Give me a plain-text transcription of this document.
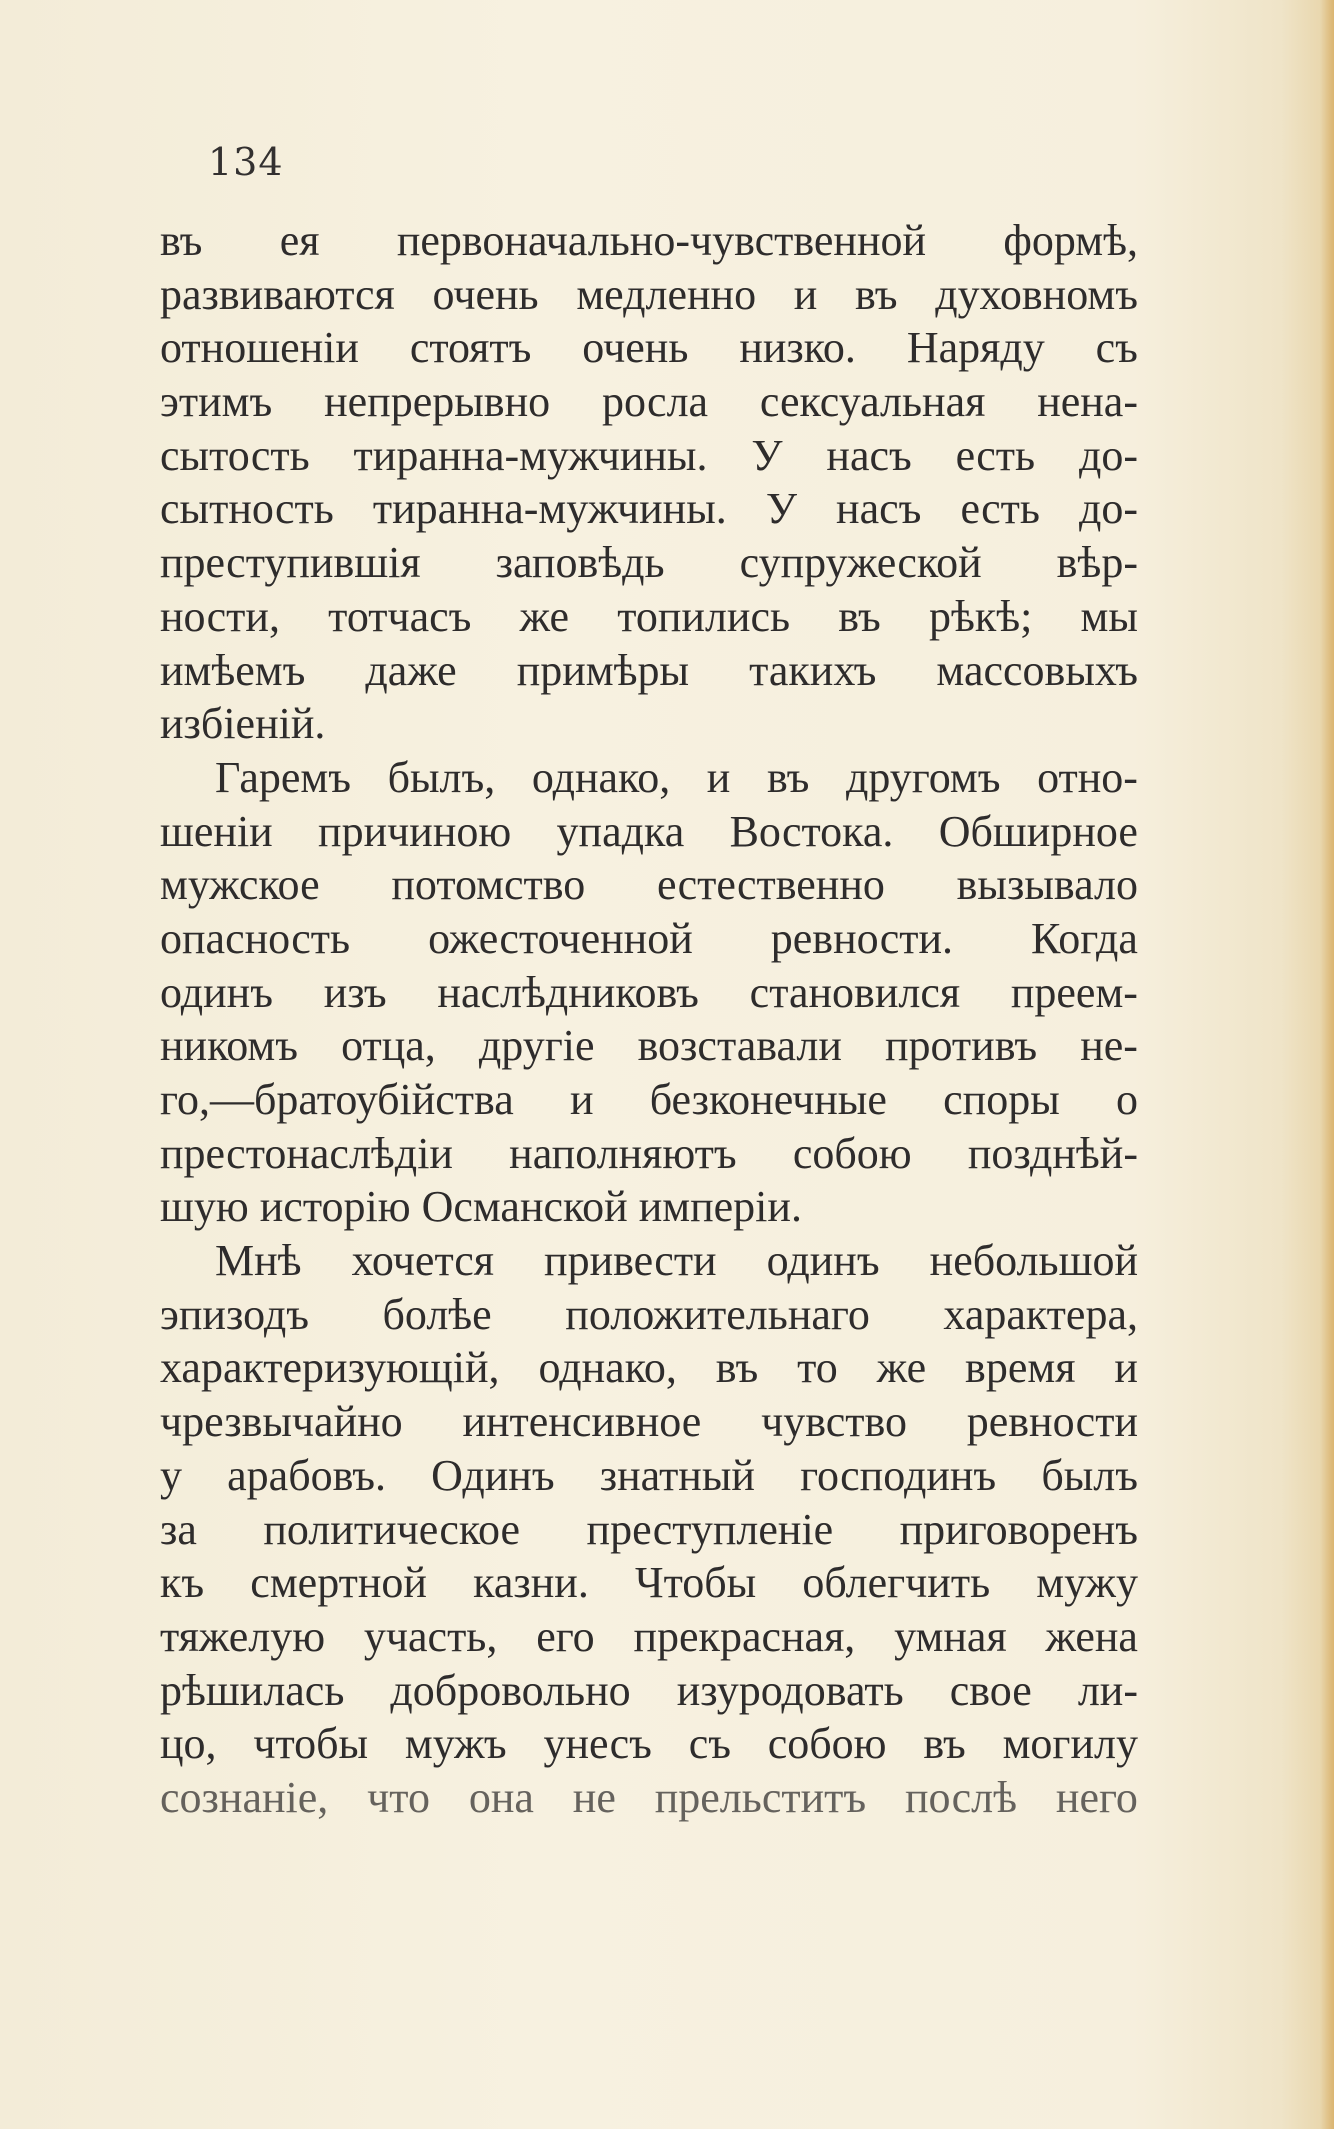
134

въ ея первоначально-чувственной формѣ,
развиваются очень медленно и въ духовномъ
отношеніи стоятъ очень низко. Наряду съ
этимъ непрерывно росла сексуальная нена-
сытость тиранна-мужчины. У насъ есть до-
сытность тиранна-мужчины. У насъ есть до-
преступившія заповѣдь супружеской вѣр-
ности, тотчасъ же топились въ рѣкѣ; мы
имѣемъ даже примѣры такихъ массовыхъ
избіеній.
Гаремъ былъ, однако, и въ другомъ отно-
шеніи причиною упадка Востока. Обширное
мужское потомство естественно вызывало
опасность ожесточенной ревности. Когда
одинъ изъ наслѣдниковъ становился преем-
никомъ отца, другіе возставали противъ не-
го,—братоубійства и безконечные споры о
престонаслѣдіи наполняютъ собою позднѣй-
шую исторію Османской имперіи.
Мнѣ хочется привести одинъ небольшой
эпизодъ болѣе положительнаго характера,
характеризующій, однако, въ то же время и
чрезвычайно интенсивное чувство ревности
у арабовъ. Одинъ знатный господинъ былъ
за политическое преступленіе приговоренъ
къ смертной казни. Чтобы облегчить мужу
тяжелую участь, его прекрасная, умная жена
рѣшилась добровольно изуродовать свое ли-
цо, чтобы мужъ унесъ съ собою въ могилу
сознаніе, что она не прельститъ послѣ него
